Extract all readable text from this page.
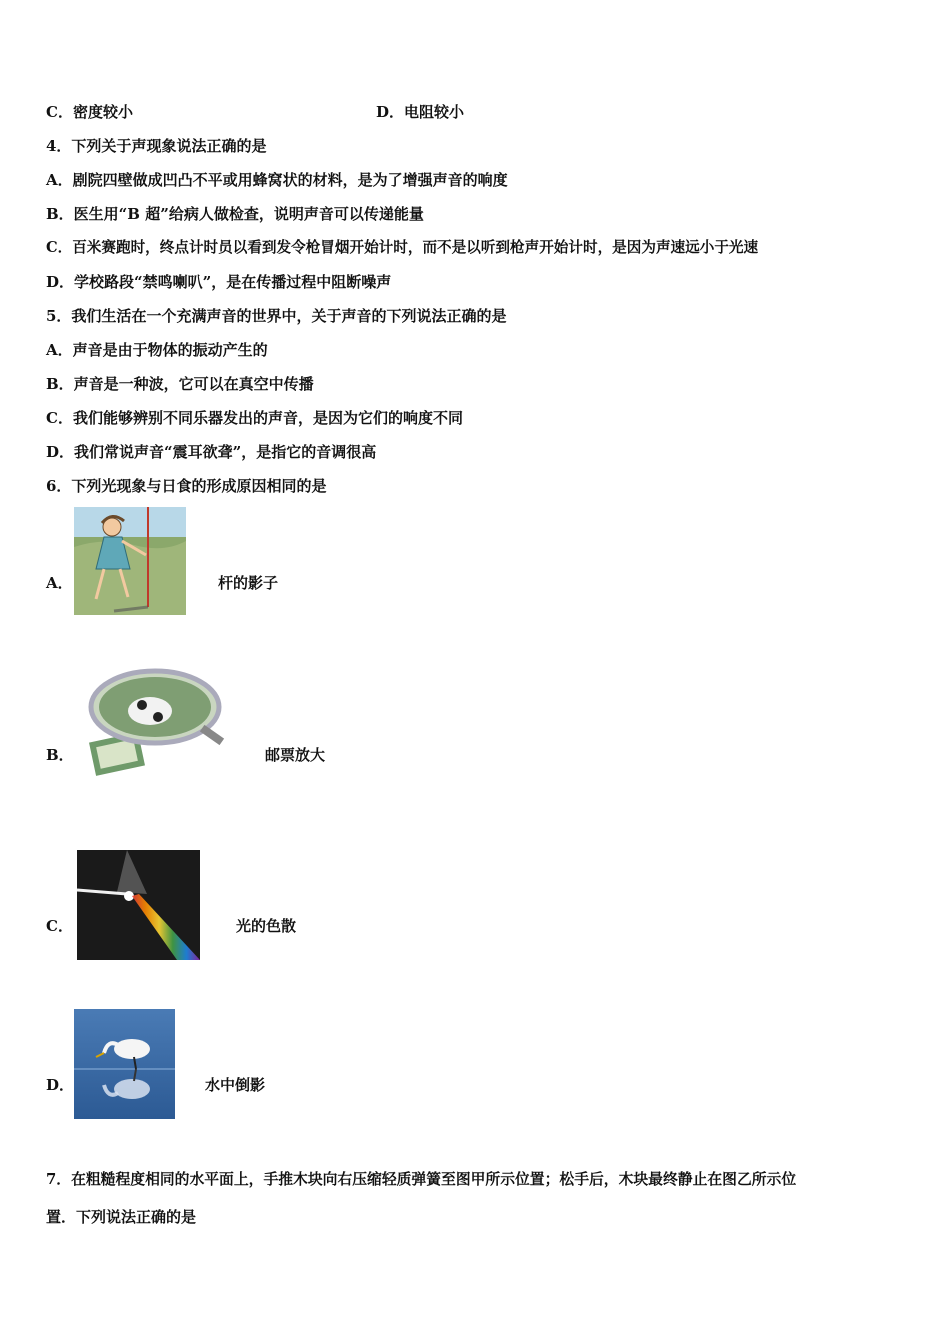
C．密度较小	D．电阻较小
4．下列关于声现象说法正确的是
A．剧院四壁做成凹凸不平或用蜂窝状的材料，是为了增强声音的响度
B．医生用“B 超”给病人做检查，说明声音可以传递能量
C．百米赛跑时，终点计时员以看到发令枪冒烟开始计时，而不是以听到枪声开始计时，是因为声速远小于光速
D．学校路段“禁鸣喇叭”，是在传播过程中阻断噪声
5．我们生活在一个充满声音的世界中，关于声音的下列说法正确的是
A．声音是由于物体的振动产生的
B．声音是一种波，它可以在真空中传播
C．我们能够辨别不同乐器发出的声音，是因为它们的响度不同
D．我们常说声音“震耳欲聋”，是指它的音调很高
6．下列光现象与日食的形成原因相同的是
A．	杆的影子
B．	邮票放大
C．	光的色散
D．	水中倒影
7．在粗糙程度相同的水平面上，手推木块向右压缩轻质弹簧至图甲所示位置；松手后，木块最终静止在图乙所示位
置．下列说法正确的是
